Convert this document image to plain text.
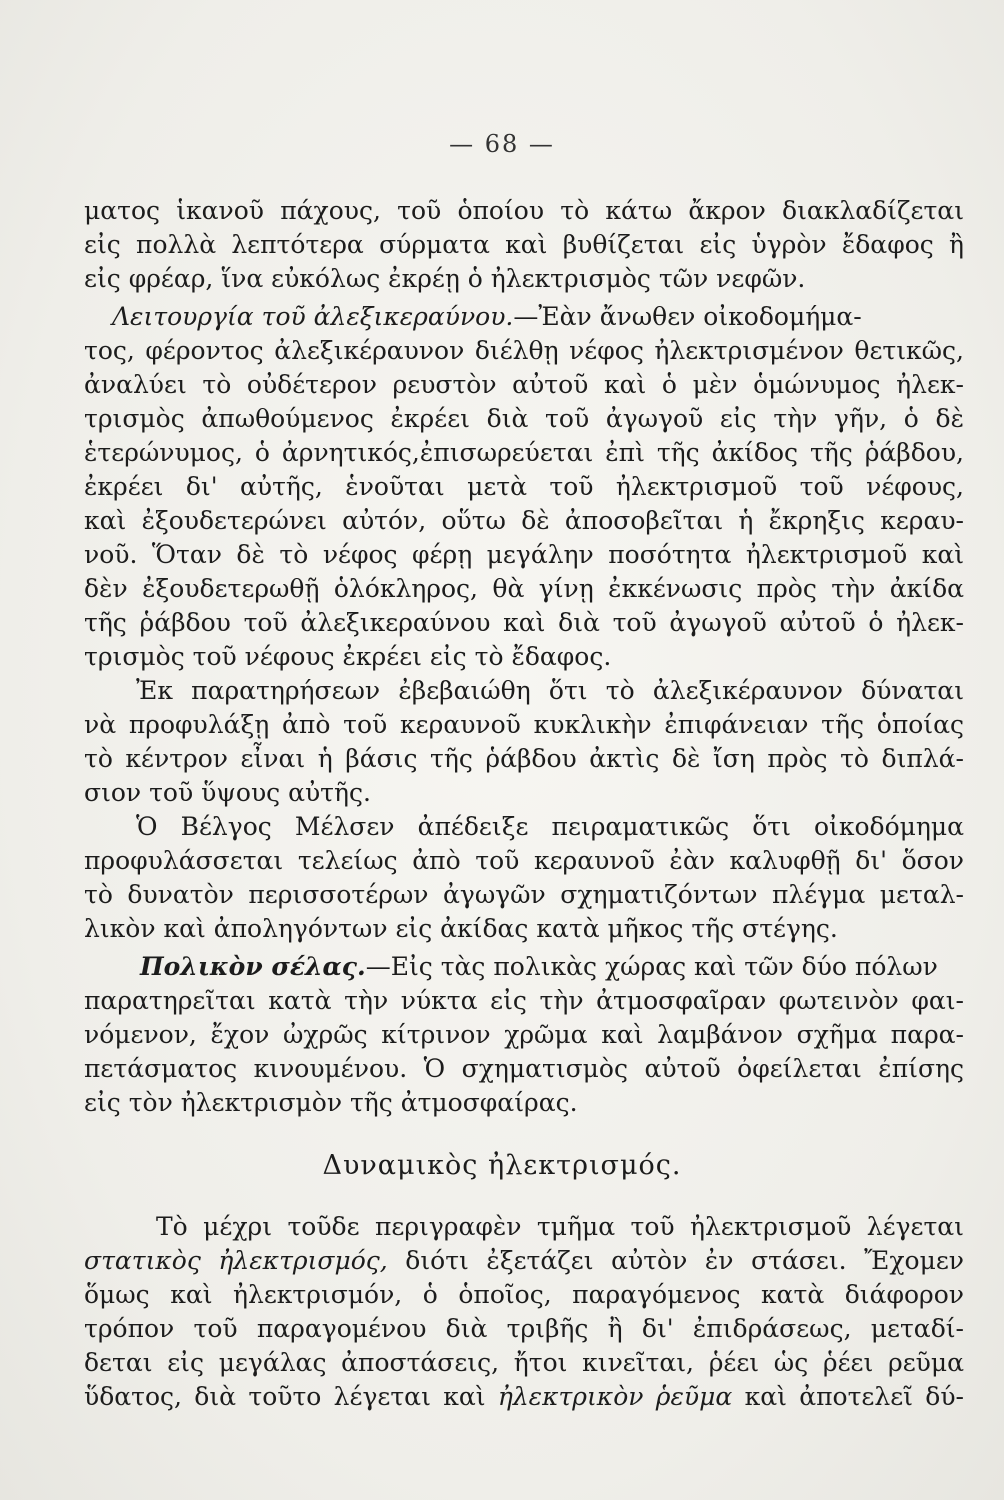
— 68 —
ματος ἱκανοῦ πάχους, τοῦ ὁποίου τὸ κάτω ἄκρον διακλαδίζεται
εἰς πολλὰ λεπτότερα σύρματα καὶ βυθίζεται εἰς ὑγρὸν ἔδαφος ἢ
εἰς φρέαρ, ἵνα εὐκόλως ἐκρέῃ ὁ ἠλεκτρισμὸς τῶν νεφῶν.
Λειτουργία τοῦ ἀλεξικεραύνου.—Ἐὰν ἄνωθεν οἰκοδομήμα-
τος, φέροντος ἀλεξικέραυνον διέλθῃ νέφος ἠλεκτρισμένον θετικῶς,
ἀναλύει τὸ οὐδέτερον ρευστὸν αὐτοῦ καὶ ὁ μὲν ὁμώνυμος ἠλεκ-
τρισμὸς ἀπωθούμενος ἐκρέει διὰ τοῦ ἀγωγοῦ εἰς τὴν γῆν, ὁ δὲ
ἑτερώνυμος, ὁ ἀρνητικός,ἐπισωρεύεται ἐπὶ τῆς ἀκίδος τῆς ῥάβδου,
ἐκρέει δι' αὐτῆς, ἑνοῦται μετὰ τοῦ ἠλεκτρισμοῦ τοῦ νέφους,
καὶ ἐξουδετερώνει αὐτόν, οὕτω δὲ ἀποσοβεῖται ἡ ἔκρηξις κεραυ-
νοῦ. Ὅταν δὲ τὸ νέφος φέρῃ μεγάλην ποσότητα ἠλεκτρισμοῦ καὶ
δὲν ἐξουδετερωθῇ ὁλόκληρος, θὰ γίνῃ ἐκκένωσις πρὸς τὴν ἀκίδα
τῆς ῥάβδου τοῦ ἀλεξικεραύνου καὶ διὰ τοῦ ἀγωγοῦ αὐτοῦ ὁ ἠλεκ-
τρισμὸς τοῦ νέφους ἐκρέει εἰς τὸ ἔδαφος.
Ἐκ παρατηρήσεων ἐβεβαιώθη ὅτι τὸ ἀλεξικέραυνον δύναται
νὰ προφυλάξῃ ἀπὸ τοῦ κεραυνοῦ κυκλικὴν ἐπιφάνειαν τῆς ὁποίας
τὸ κέντρον εἶναι ἡ βάσις τῆς ῥάβδου ἀκτὶς δὲ ἴση πρὸς τὸ διπλά-
σιον τοῦ ὕψους αὐτῆς.
Ὁ Βέλγος Μέλσεν ἀπέδειξε πειραματικῶς ὅτι οἰκοδόμημα
προφυλάσσεται τελείως ἀπὸ τοῦ κεραυνοῦ ἐὰν καλυφθῇ δι' ὅσον
τὸ δυνατὸν περισσοτέρων ἀγωγῶν σχηματιζόντων πλέγμα μεταλ-
λικὸν καὶ ἀποληγόντων εἰς ἀκίδας κατὰ μῆκος τῆς στέγης.
Πολικὸν σέλας.—Εἰς τὰς πολικὰς χώρας καὶ τῶν δύο πόλων
παρατηρεῖται κατὰ τὴν νύκτα εἰς τὴν ἀτμοσφαῖραν φωτεινὸν φαι-
νόμενον, ἔχον ὠχρῶς κίτρινον χρῶμα καὶ λαμβάνον σχῆμα παρα-
πετάσματος κινουμένου. Ὁ σχηματισμὸς αὐτοῦ ὀφείλεται ἐπίσης
εἰς τὸν ἠλεκτρισμὸν τῆς ἀτμοσφαίρας.
Δυναμικὸς ἠλεκτρισμός.
Τὸ μέχρι τοῦδε περιγραφὲν τμῆμα τοῦ ἠλεκτρισμοῦ λέγεται
στατικὸς ἠλεκτρισμός, διότι ἐξετάζει αὐτὸν ἐν στάσει. Ἔχομεν
ὅμως καὶ ἠλεκτρισμόν, ὁ ὁποῖος, παραγόμενος κατὰ διάφορον
τρόπον τοῦ παραγομένου διὰ τριβῆς ἢ δι' ἐπιδράσεως, μεταδί-
δεται εἰς μεγάλας ἀποστάσεις, ἤτοι κινεῖται, ῥέει ὡς ῥέει ρεῦμα
ὕδατος, διὰ τοῦτο λέγεται καὶ ἠλεκτρικὸν ῥεῦμα καὶ ἀποτελεῖ δύ-
